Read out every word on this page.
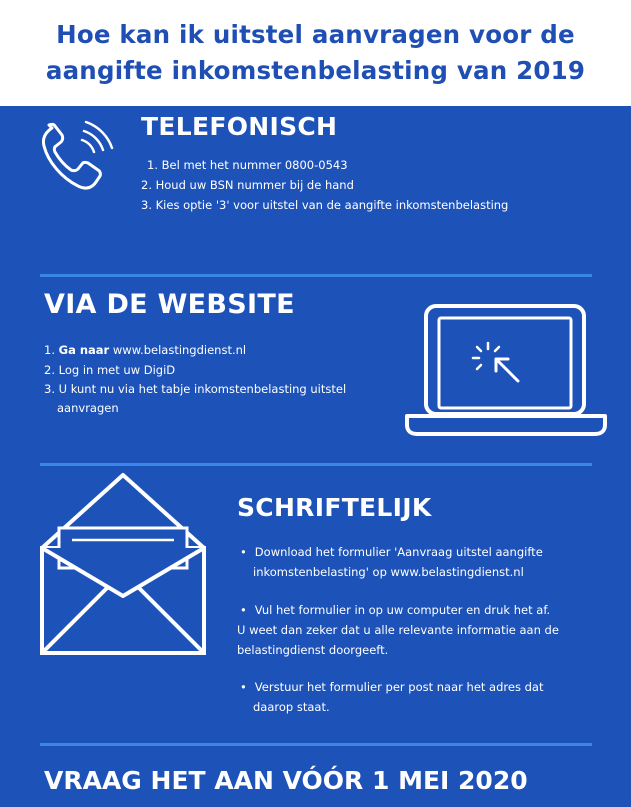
Hoe kan ik uitstel aanvragen voor de
aangifte inkomstenbelasting van 2019
TELEFONISCH
1. Bel met het nummer 0800-0543
2. Houd uw BSN nummer bij de hand
3. Kies optie '3' voor uitstel van de aangifte inkomstenbelasting
VIA DE WEBSITE
1. Ga naar www.belastingdienst.nl
2. Log in met uw DigiD
3. U kunt nu via het tabje inkomstenbelasting uitstel
aanvragen
SCHRIFTELIJK
• Download het formulier 'Aanvraag uitstel aangifte
inkomstenbelasting' op www.belastingdienst.nl
• Vul het formulier in op uw computer en druk het af.
U weet dan zeker dat u alle relevante informatie aan de
belastingdienst doorgeeft.
• Verstuur het formulier per post naar het adres dat
daarop staat.
VRAAG HET AAN VÓÓR 1 MEI 2020
